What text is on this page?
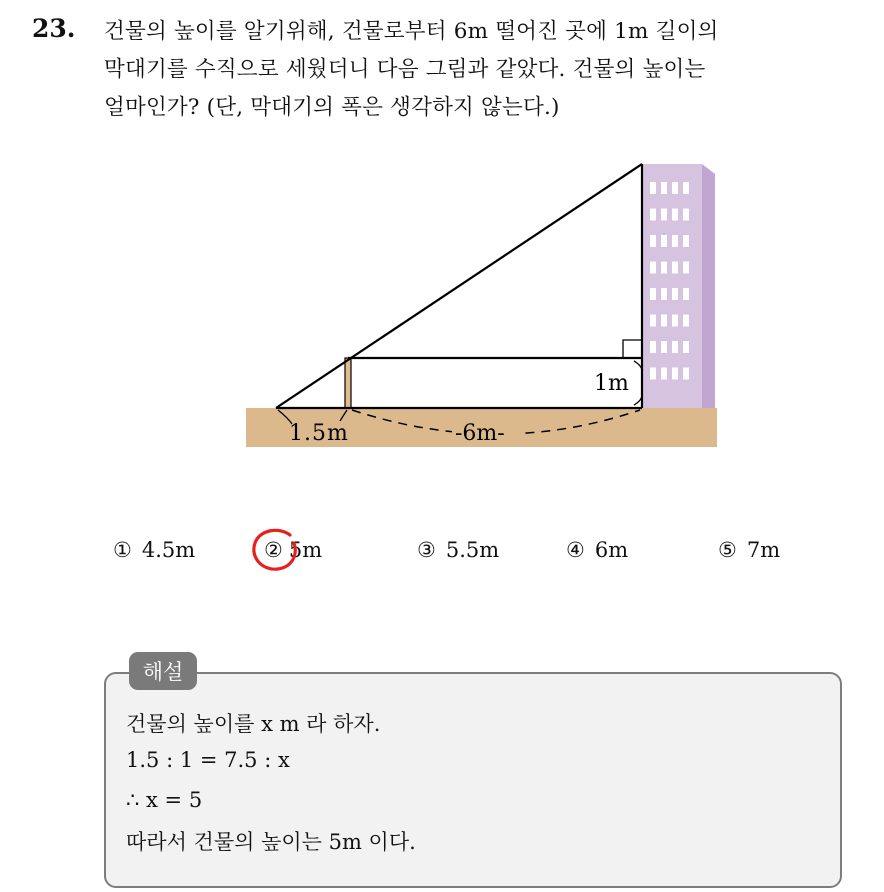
23. 건물의 높이를 알기위해, 건물로부터 6m 떨어진 곳에 1m 길이의
막대기를 수직으로 세웠더니 다음 그림과 같았다. 건물의 높이는
얼마인가? (단, 막대기의 폭은 생각하지 않는다.)
1m
1.5m	-6m-
① 4.5m	② 5m	③ 5.5m	④ 6m	⑤ 7m
해설
건물의 높이를 x m 라 하자.
1.5 : 1 = 7.5 : x
∴ x = 5
따라서 건물의 높이는 5m 이다.
